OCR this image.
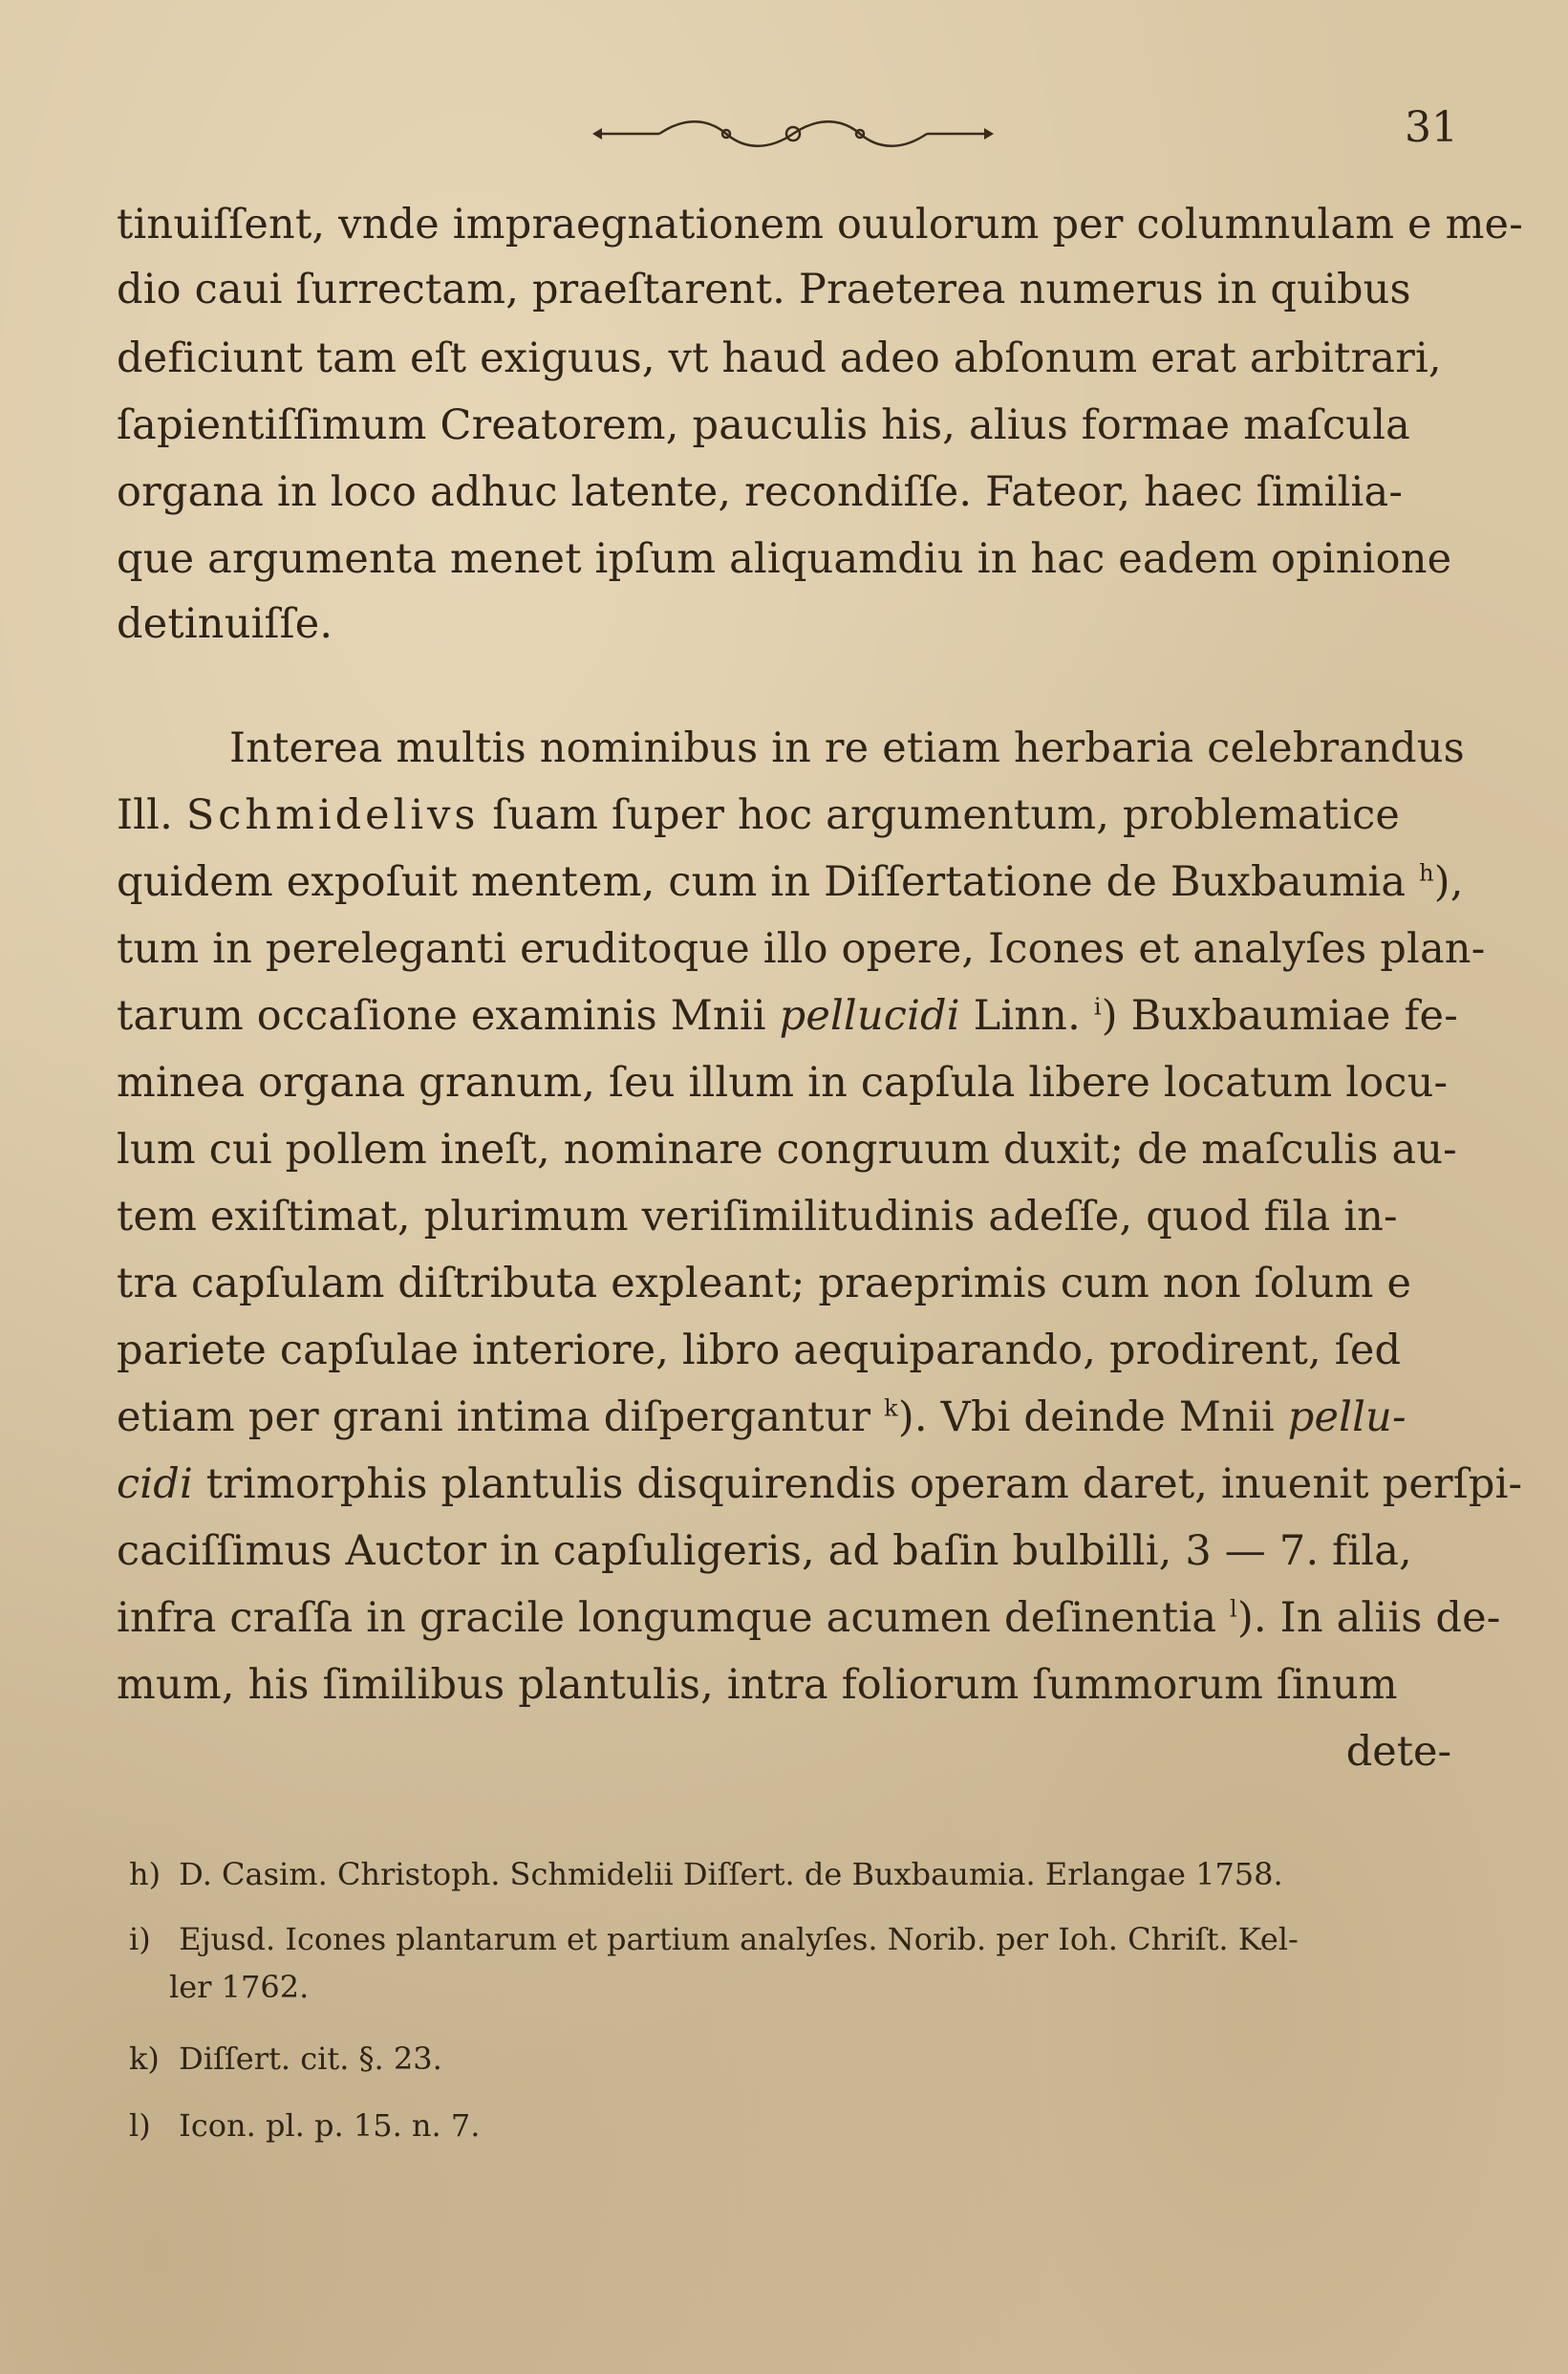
31
tinuiſſent, vnde impraegnationem ouulorum per columnulam e me-
dio caui ſurrectam, praeſtarent. Praeterea numerus in quibus
deficiunt tam eſt exiguus, vt haud adeo abſonum erat arbitrari,
ſapientiſſimum Creatorem, pauculis his, alius formae maſcula
organa in loco adhuc latente, recondiſſe. Fateor, haec ſimilia-
que argumenta menet ipſum aliquamdiu in hac eadem opinione
detinuiſſe.
Interea multis nominibus in re etiam herbaria celebrandus
Ill. Schmidelivs ſuam ſuper hoc argumentum, problematice
quidem expoſuit mentem, cum in Diſſertatione de Buxbaumia $^h$),
tum in pereleganti eruditoque illo opere, Icones et analyſes plan-
tarum occaſione examinis Mnii pellucidi Linn. $^i$) Buxbaumiae fe-
minea organa granum, ſeu illum in capſula libere locatum locu-
lum cui pollem ineſt, nominare congruum duxit; de maſculis au-
tem exiſtimat, plurimum veriſimilitudinis adeſſe, quod fila in-
tra capſulam diſtributa expleant; praeprimis cum non ſolum e
pariete capſulae interiore, libro aequiparando, prodirent, ſed
etiam per grani intima diſpergantur $^k$). Vbi deinde Mnii pellu-
cidi trimorphis plantulis disquirendis operam daret, inuenit perſpi-
caciſſimus Auctor in capſuligeris, ad baſin bulbilli, 3 — 7. fila,
infra craſſa in gracile longumque acumen deſinentia $^l$). In aliis de-
mum, his ſimilibus plantulis, intra foliorum ſummorum ſinum
dete-
h) D. Casim. Christoph. Schmidelii Diſſert. de Buxbaumia. Erlangae 1758.
i) Ejusd. Icones plantarum et partium analyſes. Norib. per Ioh. Chriſt. Kel-
ler 1762.
k) Diſſert. cit. §. 23.
l) Icon. pl. p. 15. n. 7.
